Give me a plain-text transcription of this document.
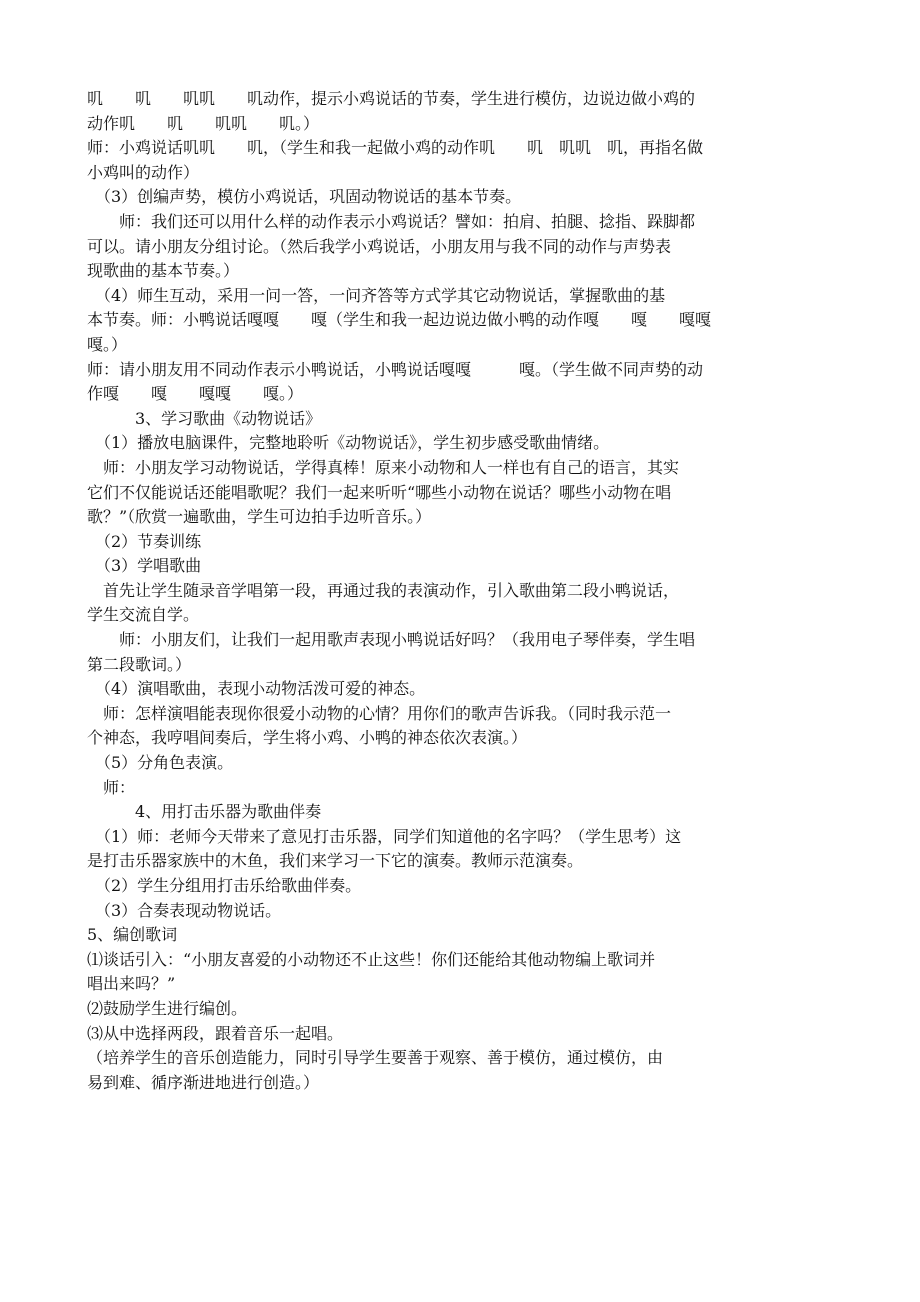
叽　　叽　　叽叽　　叽动作，提示小鸡说话的节奏，学生进行模仿，边说边做小鸡的

动作叽　　叽　　叽叽　　叽。）

师：小鸡说话叽叽　　叽，（学生和我一起做小鸡的动作叽　　叽　叽叽　叽，再指名做

小鸡叫的动作）

　（3）创编声势，模仿小鸡说话，巩固动物说话的基本节奏。

　　师：我们还可以用什么样的动作表示小鸡说话？譬如：拍肩、拍腿、捻指、跺脚都

可以。请小朋友分组讨论。（然后我学小鸡说话，小朋友用与我不同的动作与声势表

现歌曲的基本节奏。）

　（4）师生互动，采用一问一答，一问齐答等方式学其它动物说话，掌握歌曲的基

本节奏。师：小鸭说话嘎嘎　　嘎（学生和我一起边说边做小鸭的动作嘎　　嘎　　嘎嘎

嘎。）

师：请小朋友用不同动作表示小鸭说话，小鸭说话嘎嘎　　　嘎。（学生做不同声势的动

作嘎　　嘎　　嘎嘎　　嘎。）

　　　3、学习歌曲《动物说话》

　（1）播放电脑课件，完整地聆听《动物说话》，学生初步感受歌曲情绪。

　师：小朋友学习动物说话，学得真棒！原来小动物和人一样也有自己的语言，其实

它们不仅能说话还能唱歌呢？我们一起来听听“哪些小动物在说话？哪些小动物在唱

歌？”（欣赏一遍歌曲，学生可边拍手边听音乐。）

　（2）节奏训练

　（3）学唱歌曲

　首先让学生随录音学唱第一段，再通过我的表演动作，引入歌曲第二段小鸭说话，

学生交流自学。

　　师：小朋友们，让我们一起用歌声表现小鸭说话好吗？（我用电子琴伴奏，学生唱

第二段歌词。）

　（4）演唱歌曲，表现小动物活泼可爱的神态。

　师：怎样演唱能表现你很爱小动物的心情？用你们的歌声告诉我。（同时我示范一

个神态，我哼唱间奏后，学生将小鸡、小鸭的神态依次表演。）

　（5）分角色表演。

　师：

　　　4、用打击乐器为歌曲伴奏

　（1）师：老师今天带来了意见打击乐器，同学们知道他的名字吗？（学生思考）这

是打击乐器家族中的木鱼，我们来学习一下它的演奏。教师示范演奏。

　（2）学生分组用打击乐给歌曲伴奏。

　（3）合奏表现动物说话。

5、编创歌词

⑴谈话引入：“小朋友喜爱的小动物还不止这些！你们还能给其他动物编上歌词并

唱出来吗？”

⑵鼓励学生进行编创。

⑶从中选择两段，跟着音乐一起唱。

（培养学生的音乐创造能力，同时引导学生要善于观察、善于模仿，通过模仿，由

易到难、循序渐进地进行创造。）
